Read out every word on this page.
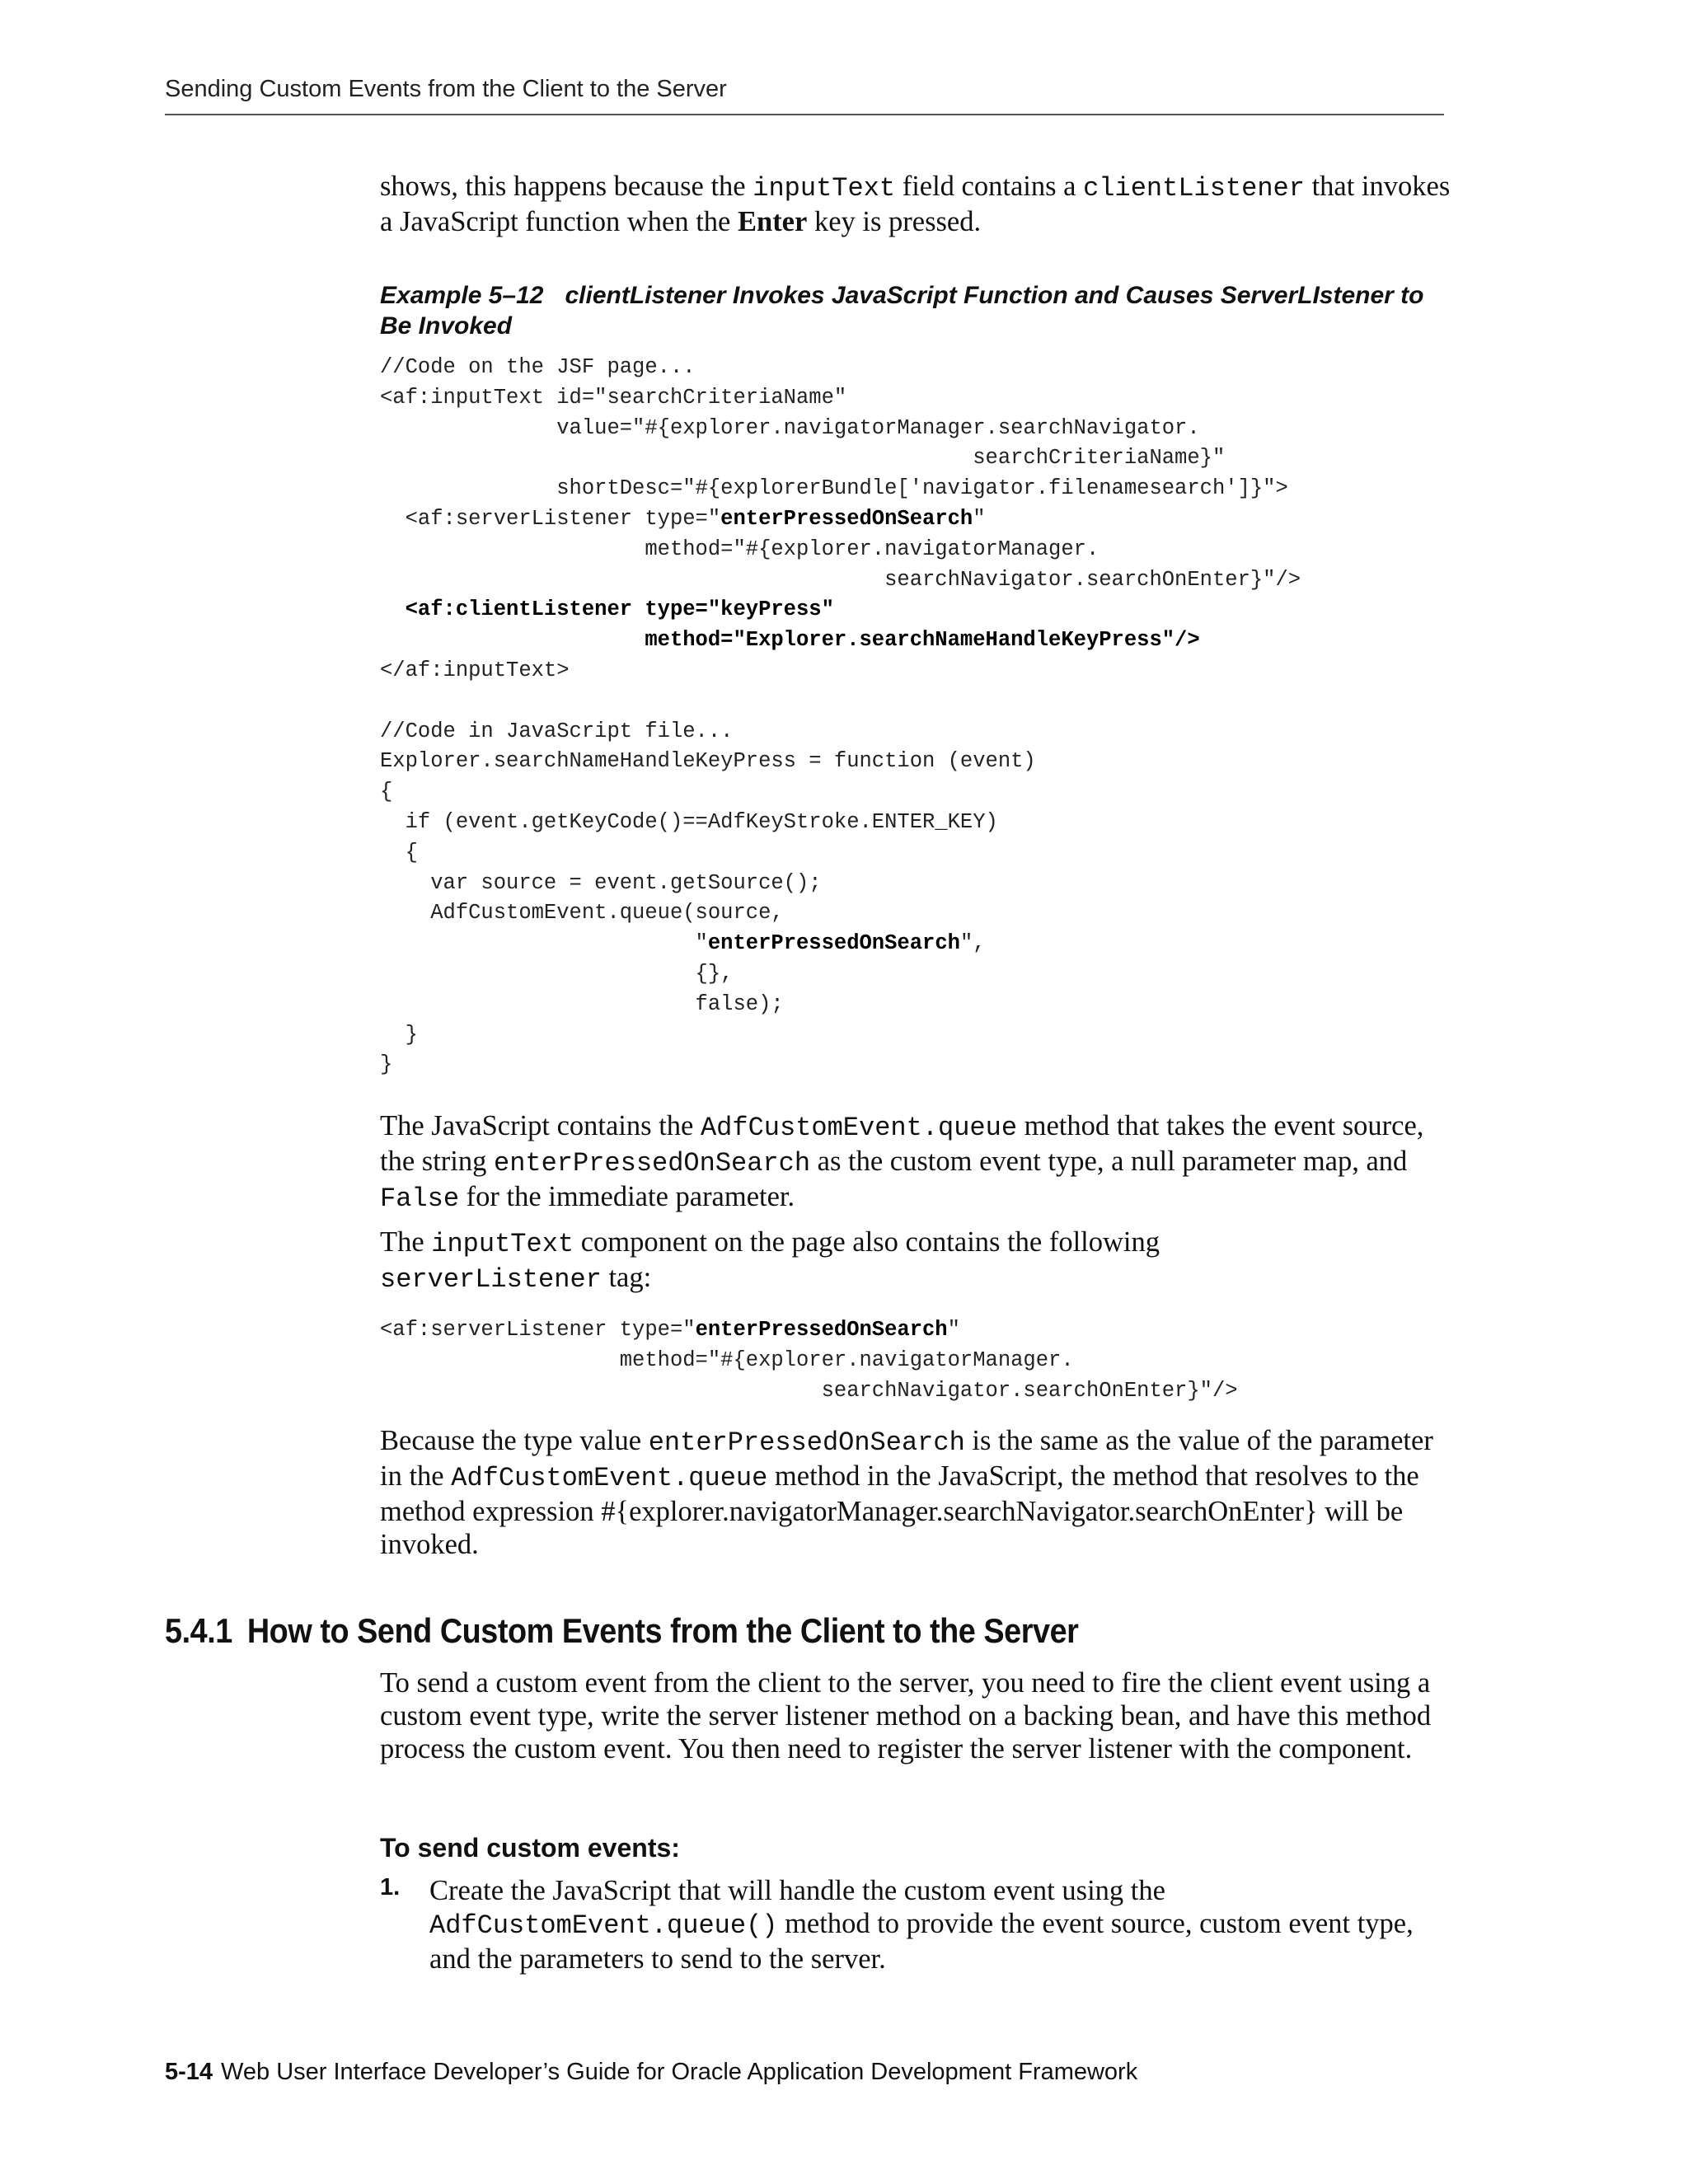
Sending Custom Events from the Client to the Server

shows, this happens because the inputText field contains a clientListener that invokes a JavaScript function when the Enter key is pressed.

Example 5–12 clientListener Invokes JavaScript Function and Causes ServerLIstener to Be Invoked

//Code on the JSF page...
<af:inputText id="searchCriteriaName"
value="#{explorer.navigatorManager.searchNavigator.
searchCriteriaName}"
shortDesc="#{explorerBundle['navigator.filenamesearch']}">
<af:serverListener type="enterPressedOnSearch"
method="#{explorer.navigatorManager.
searchNavigator.searchOnEnter}"/>
<af:clientListener type="keyPress"
method="Explorer.searchNameHandleKeyPress"/>
</af:inputText>

//Code in JavaScript file...
Explorer.searchNameHandleKeyPress = function (event)
{
if (event.getKeyCode()==AdfKeyStroke.ENTER_KEY)
{
var source = event.getSource();
AdfCustomEvent.queue(source,
"enterPressedOnSearch",
{},
false);
}
}

The JavaScript contains the AdfCustomEvent.queue method that takes the event source, the string enterPressedOnSearch as the custom event type, a null parameter map, and False for the immediate parameter.

The inputText component on the page also contains the following
serverListener tag:

<af:serverListener type="enterPressedOnSearch"
method="#{explorer.navigatorManager.
searchNavigator.searchOnEnter}"/>

Because the type value enterPressedOnSearch is the same as the value of the parameter in the AdfCustomEvent.queue method in the JavaScript, the method that resolves to the method expression #{explorer.navigatorManager.searchNavigator.searchOnEnter} will be invoked.

5.4.1 How to Send Custom Events from the Client to the Server

To send a custom event from the client to the server, you need to fire the client event using a custom event type, write the server listener method on a backing bean, and have this method process the custom event. You then need to register the server listener with the component.

To send custom events:

1. Create the JavaScript that will handle the custom event using the
AdfCustomEvent.queue() method to provide the event source, custom event type, and the parameters to send to the server.

5-14 Web User Interface Developer’s Guide for Oracle Application Development Framework
